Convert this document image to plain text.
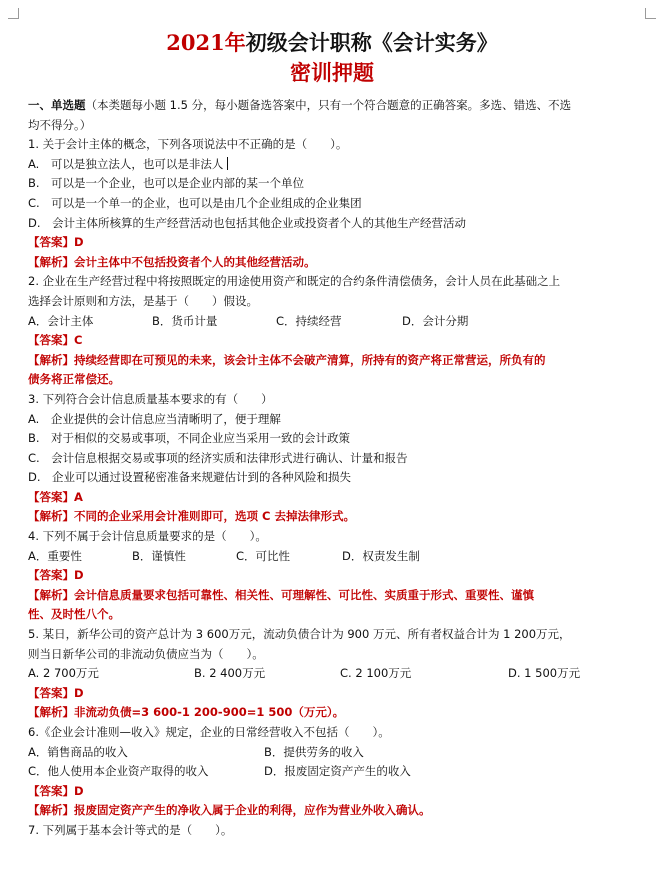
2021年初级会计职称《会计实务》
密训押题
一、单选题（本类题每小题 1.5 分，每小题备选答案中，只有一个符合题意的正确答案。多选、错选、不选
均不得分。）
1. 关于会计主体的概念，下列各项说法中不正确的是（　　）。
A.　可以是独立法人，也可以是非法人
B.　可以是一个企业，也可以是企业内部的某一个单位
C.　可以是一个单一的企业，也可以是由几个企业组成的企业集团
D.　会计主体所核算的生产经营活动也包括其他企业或投资者个人的其他生产经营活动
【答案】D
【解析】会计主体中不包括投资者个人的其他经营活动。
2. 企业在生产经营过程中将按照既定的用途使用资产和既定的合约条件清偿债务，会计人员在此基础之上
选择会计原则和方法，是基于（　　）假设。
A．会计主体	B．货币计量	C．持续经营	D．会计分期
【答案】C
【解析】持续经营即在可预见的未来，该会计主体不会破产清算，所持有的资产将正常营运，所负有的
债务将正常偿还。
3. 下列符合会计信息质量基本要求的有（　　）
A.　企业提供的会计信息应当清晰明了，便于理解
B.　对于相似的交易或事项，不同企业应当采用一致的会计政策
C.　会计信息根据交易或事项的经济实质和法律形式进行确认、计量和报告
D.　企业可以通过设置秘密准备来规避估计到的各种风险和损失
【答案】A
【解析】不同的企业采用会计准则即可，选项 C 去掉法律形式。
4. 下列不属于会计信息质量要求的是（　　）。
A．重要性	B．谨慎性	C．可比性	D．权责发生制
【答案】D
【解析】会计信息质量要求包括可靠性、相关性、可理解性、可比性、实质重于形式、重要性、谨慎
性、及时性八个。
5. 某日，新华公司的资产总计为 3 600万元，流动负债合计为 900 万元、所有者权益合计为 1 200万元，
则当日新华公司的非流动负债应当为（　　）。
A. 2 700万元	B. 2 400万元	C. 2 100万元	D. 1 500万元
【答案】D
【解析】非流动负债=3 600-1 200-900=1 500（万元）。
6.《企业会计准则—收入》规定，企业的日常经营收入不包括（　　）。
A．销售商品的收入	B．提供劳务的收入
C．他人使用本企业资产取得的收入	D．报废固定资产产生的收入
【答案】D
【解析】报废固定资产产生的净收入属于企业的利得，应作为营业外收入确认。
7. 下列属于基本会计等式的是（　　）。
